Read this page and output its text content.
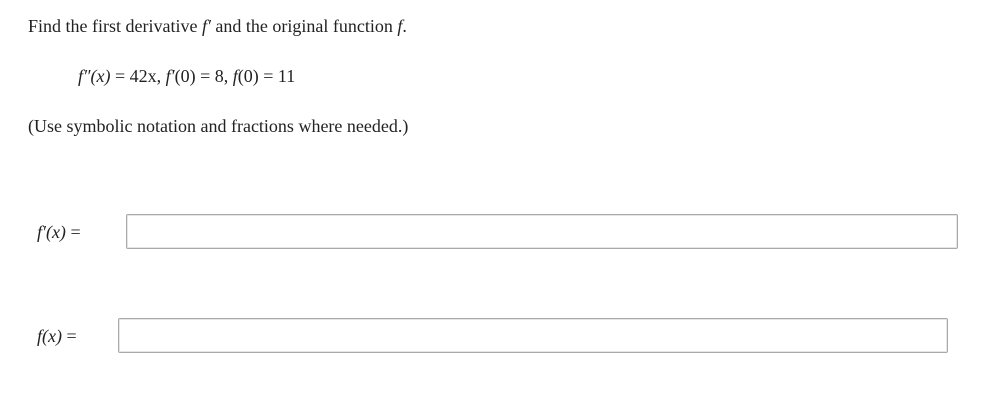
Find the first derivative f′ and the original function f.
f″(x) = 42x, f′(0) = 8, f(0) = 11
(Use symbolic notation and fractions where needed.)
f′(x) =
f(x) =
